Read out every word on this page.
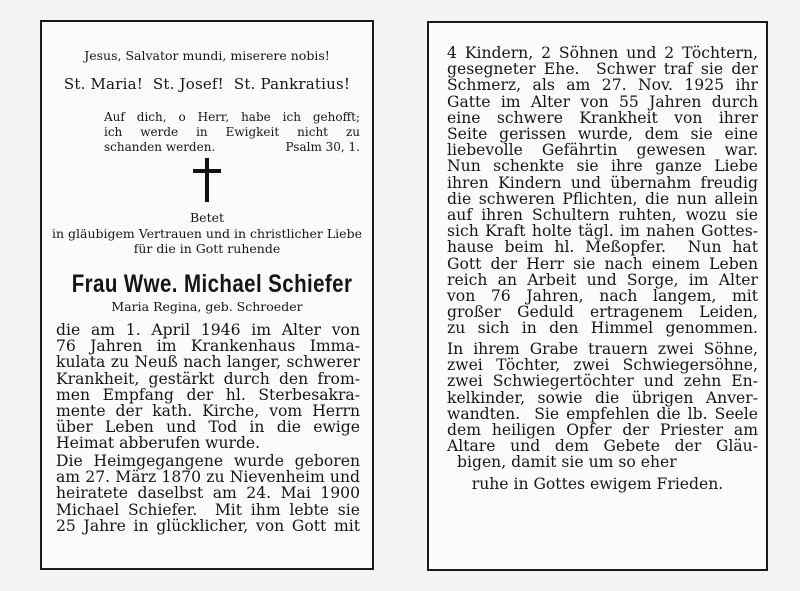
Jesus, Salvator mundi, miserere nobis!
St. Maria!  St. Josef!  St. Pankratius!
Auf dich, o Herr, habe ich gehofft;
ich werde in Ewigkeit nicht zu
schanden werden.	Psalm 30, 1.
Betet
in gläubigem Vertrauen und in christlicher Liebe
für die in Gott ruhende
Frau Wwe. Michael Schiefer
Maria Regina, geb. Schroeder
die am 1. April 1946 im Alter von
76 Jahren im Krankenhaus Imma-
kulata zu Neuß nach langer, schwerer
Krankheit, gestärkt durch den from-
men Empfang der hl. Sterbesakra-
mente der kath. Kirche, vom Herrn
über Leben und Tod in die ewige
Heimat abberufen wurde.
Die Heimgegangene wurde geboren
am 27. März 1870 zu Nievenheim und
heiratete daselbst am 24. Mai 1900
Michael Schiefer.  Mit ihm lebte sie
25 Jahre in glücklicher, von Gott mit
4 Kindern, 2 Söhnen und 2 Töchtern,
gesegneter Ehe.  Schwer traf sie der
Schmerz, als am 27. Nov. 1925 ihr
Gatte im Alter von 55 Jahren durch
eine schwere Krankheit von ihrer
Seite gerissen wurde, dem sie eine
liebevolle Gefährtin gewesen war.
Nun schenkte sie ihre ganze Liebe
ihren Kindern und übernahm freudig
die schweren Pflichten, die nun allein
auf ihren Schultern ruhten, wozu sie
sich Kraft holte tägl. im nahen Gottes-
hause beim hl. Meßopfer.  Nun hat
Gott der Herr sie nach einem Leben
reich an Arbeit und Sorge, im Alter
von 76 Jahren, nach langem, mit
großer Geduld ertragenem Leiden,
zu sich in den Himmel genommen.
In ihrem Grabe trauern zwei Söhne,
zwei Töchter, zwei Schwiegersöhne,
zwei Schwiegertöchter und zehn En-
kelkinder, sowie die übrigen Anver-
wandten.  Sie empfehlen die lb. Seele
dem heiligen Opfer der Priester am
Altare und dem Gebete der Gläu-
bigen, damit sie um so eher
ruhe in Gottes ewigem Frieden.
